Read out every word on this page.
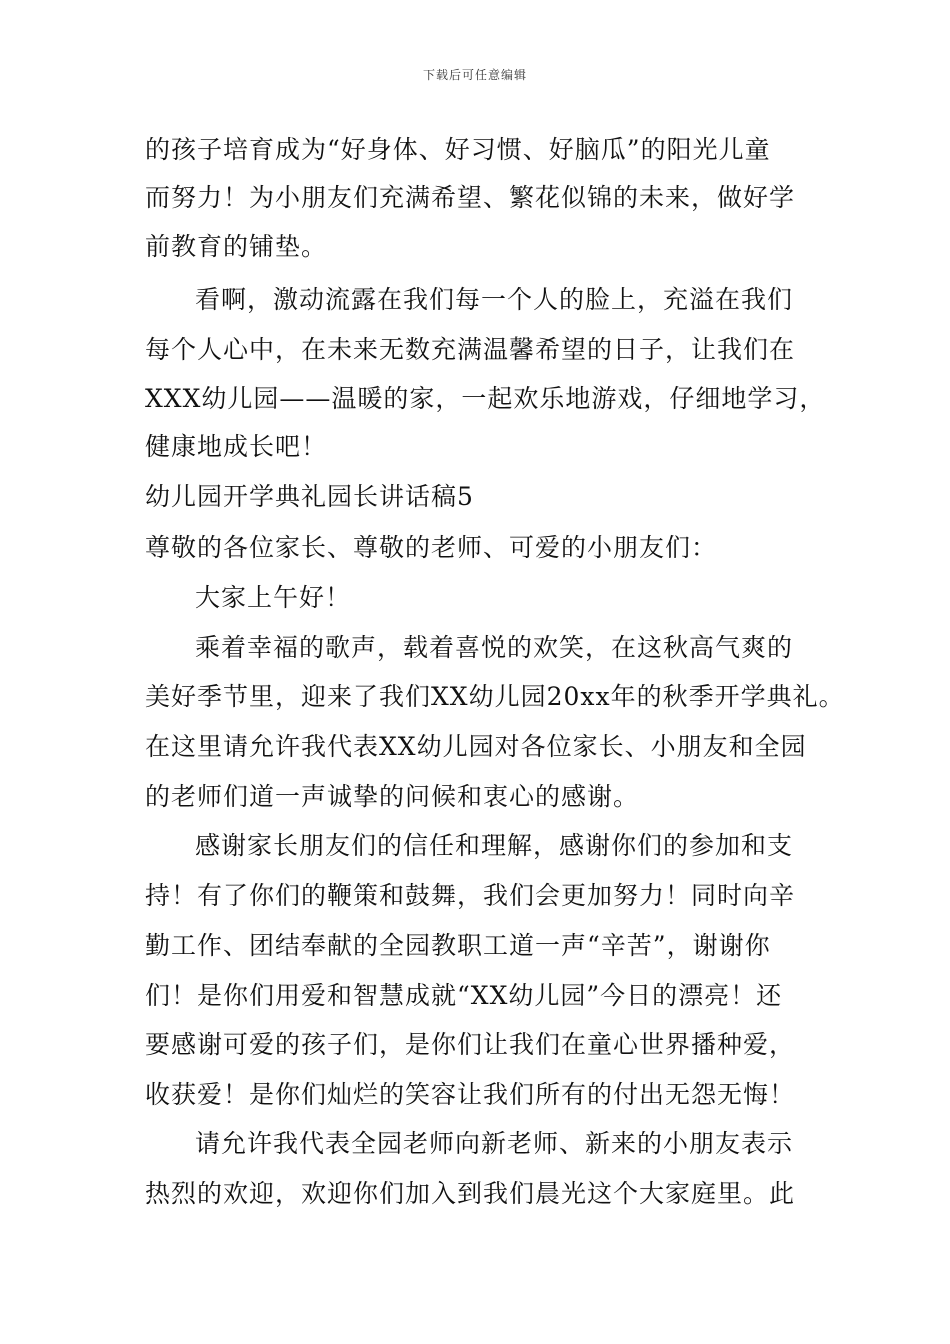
下载后可任意编辑
的孩子培育成为“好身体、好习惯、好脑瓜”的阳光儿童
而努力！为小朋友们充满希望、繁花似锦的未来，做好学
前教育的铺垫。
看啊，激动流露在我们每一个人的脸上，充溢在我们
每个人心中，在未来无数充满温馨希望的日子，让我们在
XXX幼儿园——温暖的家，一起欢乐地游戏，仔细地学习，
健康地成长吧！
幼儿园开学典礼园长讲话稿5
尊敬的各位家长、尊敬的老师、可爱的小朋友们：
大家上午好！
乘着幸福的歌声，载着喜悦的欢笑，在这秋高气爽的
美好季节里，迎来了我们XX幼儿园20xx年的秋季开学典礼。
在这里请允许我代表XX幼儿园对各位家长、小朋友和全园
的老师们道一声诚挚的问候和衷心的感谢。
感谢家长朋友们的信任和理解，感谢你们的参加和支
持！有了你们的鞭策和鼓舞，我们会更加努力！同时向辛
勤工作、团结奉献的全园教职工道一声“辛苦”，谢谢你
们！是你们用爱和智慧成就“XX幼儿园”今日的漂亮！还
要感谢可爱的孩子们，是你们让我们在童心世界播种爱，
收获爱！是你们灿烂的笑容让我们所有的付出无怨无悔！
请允许我代表全园老师向新老师、新来的小朋友表示
热烈的欢迎，欢迎你们加入到我们晨光这个大家庭里。此
